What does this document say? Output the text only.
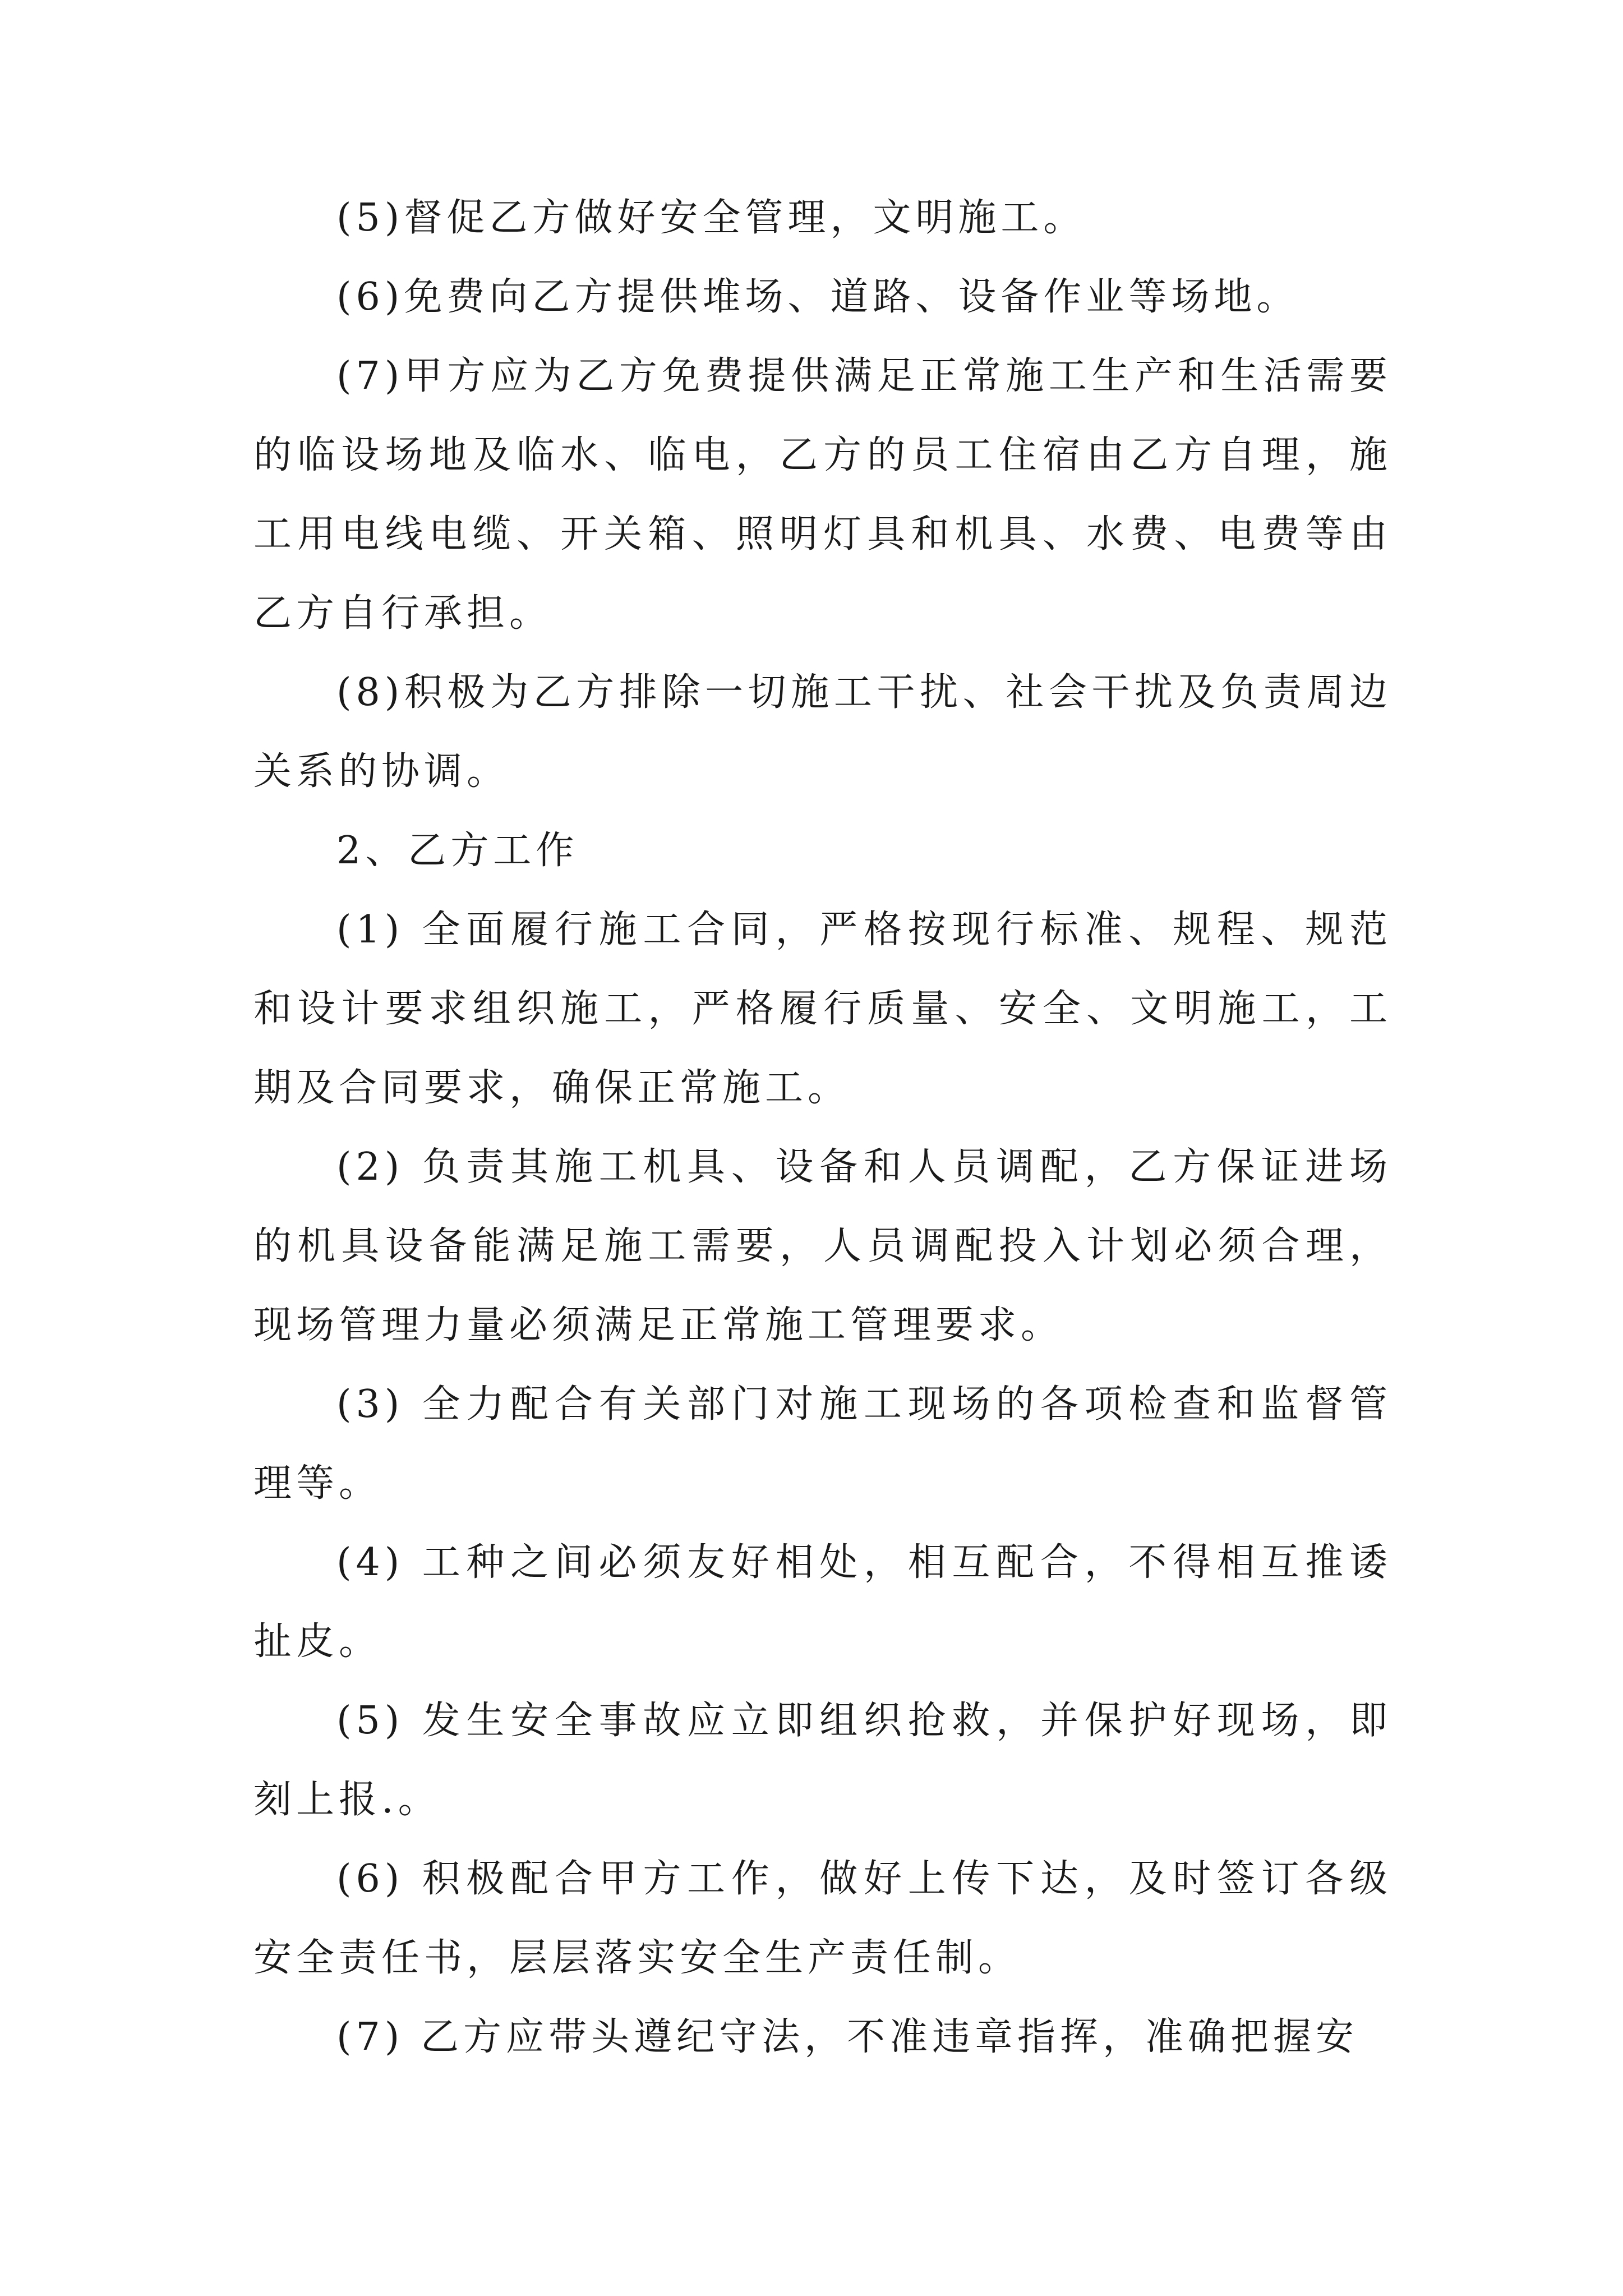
(5)督促乙方做好安全管理，文明施工。

(6)免费向乙方提供堆场、道路、设备作业等场地。

(7)甲方应为乙方免费提供满足正常施工生产和生活需要的临设场地及临水、临电，乙方的员工住宿由乙方自理，施工用电线电缆、开关箱、照明灯具和机具、水费、电费等由乙方自行承担。

(8)积极为乙方排除一切施工干扰、社会干扰及负责周边关系的协调。

2、乙方工作

(1) 全面履行施工合同，严格按现行标准、规程、规范和设计要求组织施工，严格履行质量、安全、文明施工，工期及合同要求，确保正常施工。

(2) 负责其施工机具、设备和人员调配，乙方保证进场的机具设备能满足施工需要，人员调配投入计划必须合理，现场管理力量必须满足正常施工管理要求。

(3) 全力配合有关部门对施工现场的各项检查和监督管理等。

(4) 工种之间必须友好相处，相互配合，不得相互推诿扯皮。

(5) 发生安全事故应立即组织抢救，并保护好现场，即刻上报.。

(6) 积极配合甲方工作，做好上传下达，及时签订各级安全责任书，层层落实安全生产责任制。

(7) 乙方应带头遵纪守法，不准违章指挥，准确把握安
